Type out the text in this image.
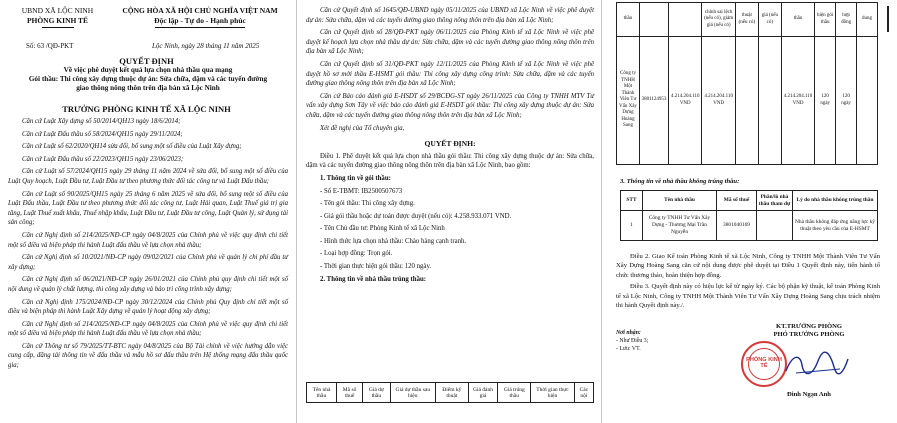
UBND XÃ LỘC NINH
PHÒNG KINH TẾ
CỘNG HÒA XÃ HỘI CHỦ NGHĨA VIỆT NAM
Độc lập - Tự do - Hạnh phúc
Số: 63 /QĐ-PKT	Lộc Ninh, ngày 28 tháng 11 năm 2025
QUYẾT ĐỊNH
Về việc phê duyệt kết quả lựa chọn nhà thầu qua mạng
Gói thầu: Thi công xây dựng thuộc dự án: Sửa chữa, dặm và các tuyến đường
giao thông nông thôn trên địa bàn xã Lộc Ninh
TRƯỞNG PHÒNG KINH TẾ XÃ LỘC NINH

Căn cứ Luật Xây dựng số 50/2014/QH13 ngày 18/6/2014;

Căn cứ Luật Đấu thầu số 58/2024/QH15 ngày 29/11/2024;

Căn cứ Luật số 62/2020/QH14 sửa đổi, bổ sung một số điều của Luật Xây dựng;

Căn cứ Luật Đấu thầu số 22/2023/QH15 ngày 23/06/2023;

Căn cứ Luật số 57/2024/QH15 ngày 29 tháng 11 năm 2024 về sửa đổi, bổ sung một số điều của Luật Quy hoạch, Luật Đầu tư, Luật Đầu tư theo phương thức đối tác công tư và Luật Đấu thầu;

Căn cứ Luật số 90/2025/QH15 ngày 25 tháng 6 năm 2025 về sửa đổi, bổ sung một số điều của Luật Đấu thầu, Luật Đầu tư theo phương thức đối tác công tư, Luật Hải quan, Luật Thuế giá trị gia tăng, Luật Thuế xuất khẩu, Thuế nhập khẩu, Luật Đầu tư, Luật Đầu tư công, Luật Quản lý, sử dụng tài sản công;

Căn cứ Nghị định số 214/2025/NĐ-CP ngày 04/8/2025 của Chính phủ về việc quy định chi tiết một số điều và biện pháp thi hành Luật đấu thầu về lựa chọn nhà thầu;

Căn cứ Nghị định số 10/2021/NĐ-CP ngày 09/02/2021 của Chính phủ về quản lý chi phí đầu tư xây dựng;

Căn cứ Nghị định số 06/2021/NĐ-CP ngày 26/01/2021 của Chính phủ quy định chi tiết một số nội dung về quản lý chất lượng, thi công xây dựng và bảo trì công trình xây dựng;

Căn cứ Nghị định 175/2024/NĐ-CP ngày 30/12/2024 của Chính phủ Quy định chi tiết một số điều và biện pháp thi hành Luật Xây dựng về quản lý hoạt động xây dựng;

Căn cứ Nghị định số 214/2025/NĐ-CP ngày 04/8/2025 của Chính phủ về việc quy định chi tiết một số điều và biện pháp thi hành Luật đấu thầu về lựa chọn nhà thầu;

Căn cứ Thông tư số 79/2025/TT-BTC ngày 04/8/2025 của Bộ Tài chính về việc hướng dẫn việc cung cấp, đăng tải thông tin về đấu thầu và mẫu hồ sơ đấu thầu trên Hệ thống mạng đấu thầu quốc gia;

Căn cứ Quyết định số 1645/QĐ-UBND ngày 05/11/2025 của UBND xã Lộc Ninh về việc phê duyệt dự án: Sửa chữa, dặm và các tuyến đường giao thông nông thôn trên địa bàn xã Lộc Ninh;

Căn cứ Quyết định số 28/QĐ-PKT ngày 06/11/2025 của Phòng Kinh tế xã Lộc Ninh về việc phê duyệt kế hoạch lựa chọn nhà thầu dự án: Sửa chữa, dặm và các tuyến đường giao thông nông thôn trên địa bàn xã Lộc Ninh;

Căn cứ Quyết định số 31/QĐ-PKT ngày 12/11/2025 của Phòng Kinh tế xã Lộc Ninh về việc phê duyệt hồ sơ mời thầu E-HSMT gói thầu: Thi công xây dựng công trình: Sửa chữa, dặm và các tuyến đường giao thông nông thôn trên địa bàn xã Lộc Ninh;

Căn cứ Báo cáo đánh giá E-HSDT số 29/BCĐG-ST ngày 26/11/2025 của Công ty TNHH MTV Tư vấn xây dựng Sơn Tây về việc báo cáo đánh giá E-HSDT gói thầu: Thi công xây dựng thuộc dự án: Sửa chữa, dặm và các tuyến đường giao thông nông thôn trên địa bàn xã Lộc Ninh;

Xét đề nghị của Tổ chuyên gia,

QUYẾT ĐỊNH:

Điều 1. Phê duyệt kết quả lựa chọn nhà thầu gói thầu: Thi công xây dựng thuộc dự án: Sửa chữa, dặm và các tuyến đường giao thông nông thôn trên địa bàn xã Lộc Ninh, bao gồm:

1. Thông tin về gói thầu:

- Số E-TBMT: IB2500507673

- Tên gói thầu: Thi công xây dựng.

- Giá gói thầu hoặc dự toán được duyệt (nếu có): 4.258.933.071 VND.

- Tên Chủ đầu tư: Phòng Kinh tế xã Lộc Ninh

- Hình thức lựa chọn nhà thầu: Chào hàng cạnh tranh.

- Loại hợp đồng: Trọn gói.

- Thời gian thực hiện gói thầu: 120 ngày.

2. Thông tin về nhà thầu trúng thầu:

Tên nhà thầu	Mã số thuế	Giá dự thầu	Giá dự thầu sau hiệu	Điểm kỹ thuật	Giá đánh giá	Giá trúng thầu	Thời gian thực hiện	Các nội
thầu			chỉnh sai lệch (nếu có), giảm giá (nếu có)	thuật (nếu có)	giá (nếu có)	thầu	hiện gói thầu	hợp đồng	dung
Công ty TNHH Một Thành Viên Tư Vấn Xây Dựng Hoàng Sang	3801124953	4.214.204.110 VND	4.214.204.110 VND			4.214.204.110 VND	120 ngày	120 ngày	
3. Thông tin về nhà thầu không trúng thầu:
STT	Tên nhà thầu	Mã số thuế	Phần/lô nhà thầu tham dự	Lý do nhà thầu không trúng thầu
1	Công ty TNHH Tư Vấn Xây Dựng - Thương Mại Trần Nguyễn	3801040169		Nhà thầu không đáp ứng năng lực kỹ thuật theo yêu cầu của E-HSMT

Điều 2. Giao Kế toán Phòng Kinh tế xã Lộc Ninh, Công ty TNHH Một Thành Viên Tư Vấn Xây Dựng Hoàng Sang căn cứ nội dung được phê duyệt tại Điều 1 Quyết định này, tiến hành tổ chức thương thảo, hoàn thiện hợp đồng.

Điều 3. Quyết định này có hiệu lực kể từ ngày ký. Các bộ phận kỹ thuật, kế toán Phòng Kinh tế xã Lộc Ninh, Công ty TNHH Một Thành Viên Tư Vấn Xây Dựng Hoàng Sang chịu trách nhiệm thi hành Quyết định này./.

Nơi nhận:
- Như Điều 3;
- Lưu: VT.
KT.TRƯỞNG PHÒNG
PHÓ TRƯỞNG PHÒNG
PHÒNG KINH TẾ
Đinh Ngạn Anh
